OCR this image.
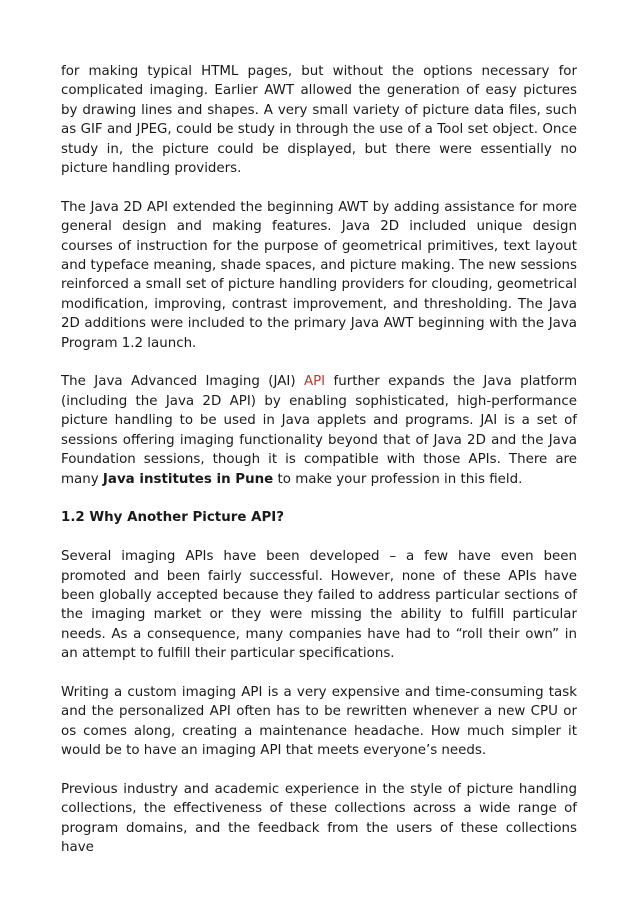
for making typical HTML pages, but without the options necessary for complicated imaging. Earlier AWT allowed the generation of easy pictures by drawing lines and shapes. A very small variety of picture data files, such as GIF and JPEG, could be study in through the use of a Tool set object. Once study in, the picture could be displayed, but there were essentially no picture handling providers.

The Java 2D API extended the beginning AWT by adding assistance for more general design and making features. Java 2D included unique design courses of instruction for the purpose of geometrical primitives, text layout and typeface meaning, shade spaces, and picture making. The new sessions reinforced a small set of picture handling providers for clouding, geometrical modification, improving, contrast improvement, and thresholding. The Java 2D additions were included to the primary Java AWT beginning with the Java Program 1.2 launch.

The Java Advanced Imaging (JAI) API further expands the Java platform (including the Java 2D API) by enabling sophisticated, high-performance picture handling to be used in Java applets and programs. JAI is a set of sessions offering imaging functionality beyond that of Java 2D and the Java Foundation sessions, though it is compatible with those APIs. There are many Java institutes in Pune to make your profession in this field.

1.2 Why Another Picture API?

Several imaging APIs have been developed – a few have even been promoted and been fairly successful. However, none of these APIs have been globally accepted because they failed to address particular sections of the imaging market or they were missing the ability to fulfill particular needs. As a consequence, many companies have had to “roll their own” in an attempt to fulfill their particular specifications.

Writing a custom imaging API is a very expensive and time-consuming task and the personalized API often has to be rewritten whenever a new CPU or os comes along, creating a maintenance headache. How much simpler it would be to have an imaging API that meets everyone’s needs.

Previous industry and academic experience in the style of picture handling collections, the effectiveness of these collections across a wide range of program domains, and the feedback from the users of these collections have
